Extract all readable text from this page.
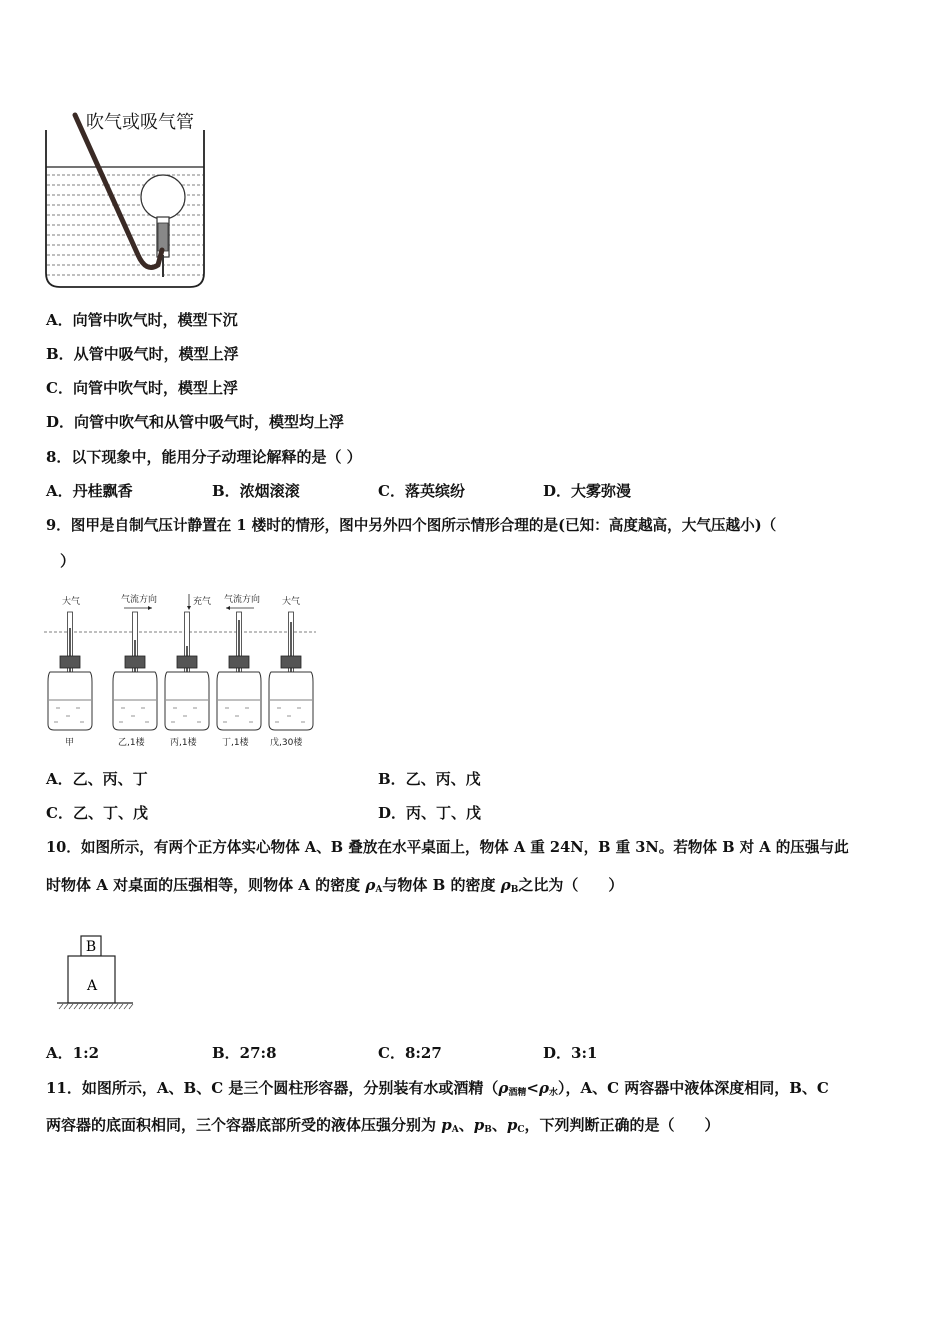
吹气或吸气管
A．向管中吹气时，模型下沉
B．从管中吸气时，模型上浮
C．向管中吹气时，模型上浮
D．向管中吹气和从管中吸气时，模型均上浮
8．以下现象中，能用分子动理论解释的是（ ）
A．丹桂飘香	B．浓烟滚滚	C．落英缤纷	D．大雾弥漫
9．图甲是自制气压计静置在 1 楼时的情形，图中另外四个图所示情形合理的是(已知：高度越高，大气压越小)（
）
大气	气流方向	充气 气流方向 大气
甲	乙,1楼	丙,1楼	丁,1楼 戊,30楼
A．乙、丙、丁	B．乙、丙、戊
C．乙、丁、戊	D．丙、丁、戊
10．如图所示，有两个正方体实心物体 A、B 叠放在水平桌面上，物体 A 重 24N，B 重 3N。若物体 B 对 A 的压强与此
时物体 A 对桌面的压强相等，则物体 A 的密度 $\rho_A$与物体 B 的密度 $\rho_B$之比为（　　）
B
A
A．1:2	B．27:8	C．8:27	D．3:1
11．如图所示，A、B、C 是三个圆柱形容器，分别装有水或酒精$(\rho_{酒精}<\rho_水)$，A、C 两容器中液体深度相同，B、C
两容器的底面积相同，三个容器底部所受的液体压强分别为 $p_A$、$p_B$、$p_C$，下列判断正确的是（　　）
